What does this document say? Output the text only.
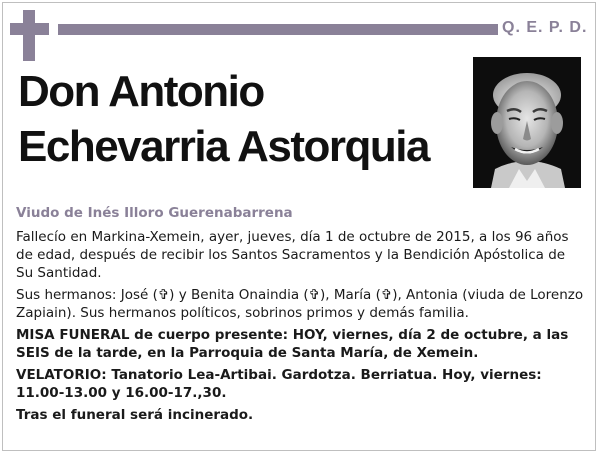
Q. E. P. D.
Don Antonio
Echevarria Astorquia

Viudo de Inés Illoro Guerenabarrena

Fallecío en Markina-Xemein, ayer, jueves, día 1 de octubre de 2015, a los 96 años de edad, después de recibir los Santos Sacramentos y la Bendición Apóstolica de Su Santidad.

Sus hermanos: José (✞) y Benita Onaindia (✞), María (✞), Antonia (viuda de Lorenzo Zapiain). Sus hermanos políticos, sobrinos primos y demás familia.

MISA FUNERAL de cuerpo presente: HOY, viernes, día 2 de octubre, a las SEIS de la tarde, en la Parroquia de Santa María, de Xemein.

VELATORIO: Tanatorio Lea-Artibai. Gardotza. Berriatua. Hoy, viernes: 11.00-13.00 y 16.00-17.,30.

Tras el funeral será incinerado.
